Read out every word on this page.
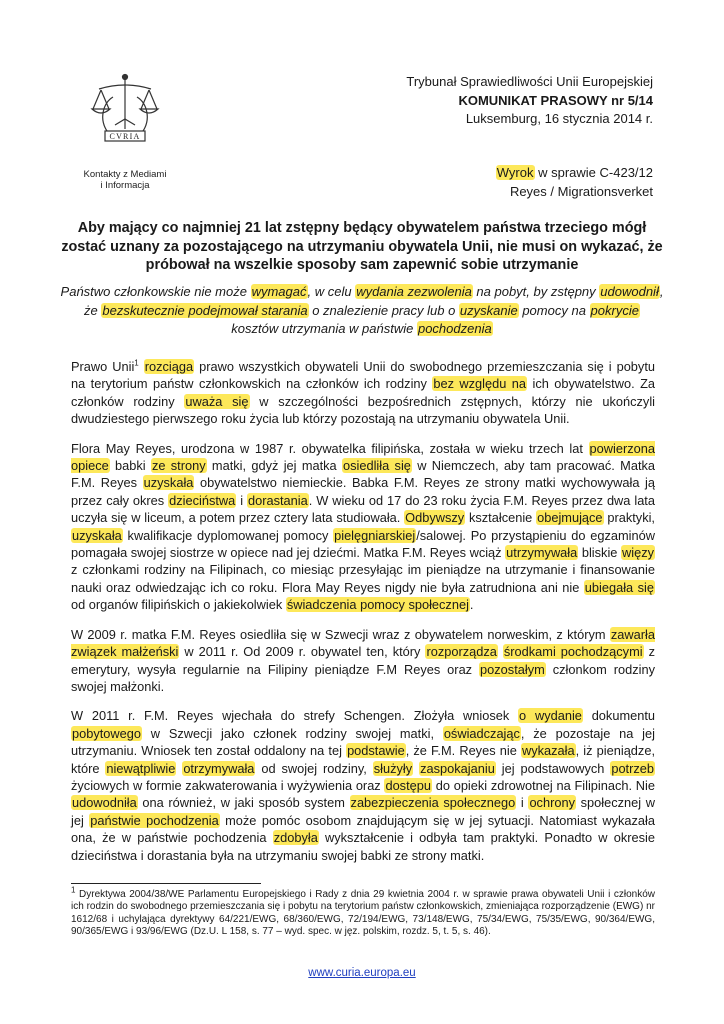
CVRIA
Kontakty z Mediami
i Informacja
Trybunał Sprawiedliwości Unii Europejskiej
KOMUNIKAT PRASOWY nr 5/14
Luksemburg, 16 stycznia 2014 r.
Wyrok w sprawie C-423/12
Reyes / Migrationsverket
Aby mający co najmniej 21 lat zstępny będący obywatelem państwa trzeciego mógł zostać uznany za pozostającego na utrzymaniu obywatela Unii, nie musi on wykazać, że próbował na wszelkie sposoby sam zapewnić sobie utrzymanie
Państwo członkowskie nie może wymagać, w celu wydania zezwolenia na pobyt, by zstępny udowodnił, że bezskutecznie podejmował starania o znalezienie pracy lub o uzyskanie pomocy na pokrycie kosztów utrzymania w państwie pochodzenia

Prawo Unii$^1$ rozciąga prawo wszystkich obywateli Unii do swobodnego przemieszczania się i pobytu na terytorium państw członkowskich na członków ich rodziny bez względu na ich obywatelstwo. Za członków rodziny uważa się w szczególności bezpośrednich zstępnych, którzy nie ukończyli dwudziestego pierwszego roku życia lub którzy pozostają na utrzymaniu obywatela Unii.

Flora May Reyes, urodzona w 1987 r. obywatelka filipińska, została w wieku trzech lat powierzona opiece babki ze strony matki, gdyż jej matka osiedliła się w Niemczech, aby tam pracować. Matka F.M. Reyes uzyskała obywatelstwo niemieckie. Babka F.M. Reyes ze strony matki wychowywała ją przez cały okres dzieciństwa i dorastania. W wieku od 17 do 23 roku życia F.M. Reyes przez dwa lata uczyła się w liceum, a potem przez cztery lata studiowała. Odbywszy kształcenie obejmujące praktyki, uzyskała kwalifikacje dyplomowanej pomocy pielęgniarskiej/salowej. Po przystąpieniu do egzaminów pomagała swojej siostrze w opiece nad jej dziećmi. Matka F.M. Reyes wciąż utrzymywała bliskie więzy z członkami rodziny na Filipinach, co miesiąc przesyłając im pieniądze na utrzymanie i finansowanie nauki oraz odwiedzając ich co roku. Flora May Reyes nigdy nie była zatrudniona ani nie ubiegała się od organów filipińskich o jakiekolwiek świadczenia pomocy społecznej.

W 2009 r. matka F.M. Reyes osiedliła się w Szwecji wraz z obywatelem norweskim, z którym zawarła związek małżeński w 2011 r. Od 2009 r. obywatel ten, który rozporządza środkami pochodzącymi z emerytury, wysyła regularnie na Filipiny pieniądze F.M Reyes oraz pozostałym członkom rodziny swojej małżonki.

W 2011 r. F.M. Reyes wjechała do strefy Schengen. Złożyła wniosek o wydanie dokumentu pobytowego w Szwecji jako członek rodziny swojej matki, oświadczając, że pozostaje na jej utrzymaniu. Wniosek ten został oddalony na tej podstawie, że F.M. Reyes nie wykazała, iż pieniądze, które niewątpliwie otrzymywała od swojej rodziny, służyły zaspokajaniu jej podstawowych potrzeb życiowych w formie zakwaterowania i wyżywienia oraz dostępu do opieki zdrowotnej na Filipinach. Nie udowodniła ona również, w jaki sposób system zabezpieczenia społecznego i ochrony społecznej w jej państwie pochodzenia może pomóc osobom znajdującym się w jej sytuacji. Natomiast wykazała ona, że w państwie pochodzenia zdobyła wykształcenie i odbyła tam praktyki. Ponadto w okresie dzieciństwa i dorastania była na utrzymaniu swojej babki ze strony matki.

$^1$ Dyrektywa 2004/38/WE Parlamentu Europejskiego i Rady z dnia 29 kwietnia 2004 r. w sprawie prawa obywateli Unii i członków ich rodzin do swobodnego przemieszczania się i pobytu na terytorium państw członkowskich, zmieniająca rozporządzenie (EWG) nr 1612/68 i uchylająca dyrektywy 64/221/EWG, 68/360/EWG, 72/194/EWG, 73/148/EWG, 75/34/EWG, 75/35/EWG, 90/364/EWG, 90/365/EWG i 93/96/EWG (Dz.U. L 158, s. 77 – wyd. spec. w jęz. polskim, rozdz. 5, t. 5, s. 46).
www.curia.europa.eu
